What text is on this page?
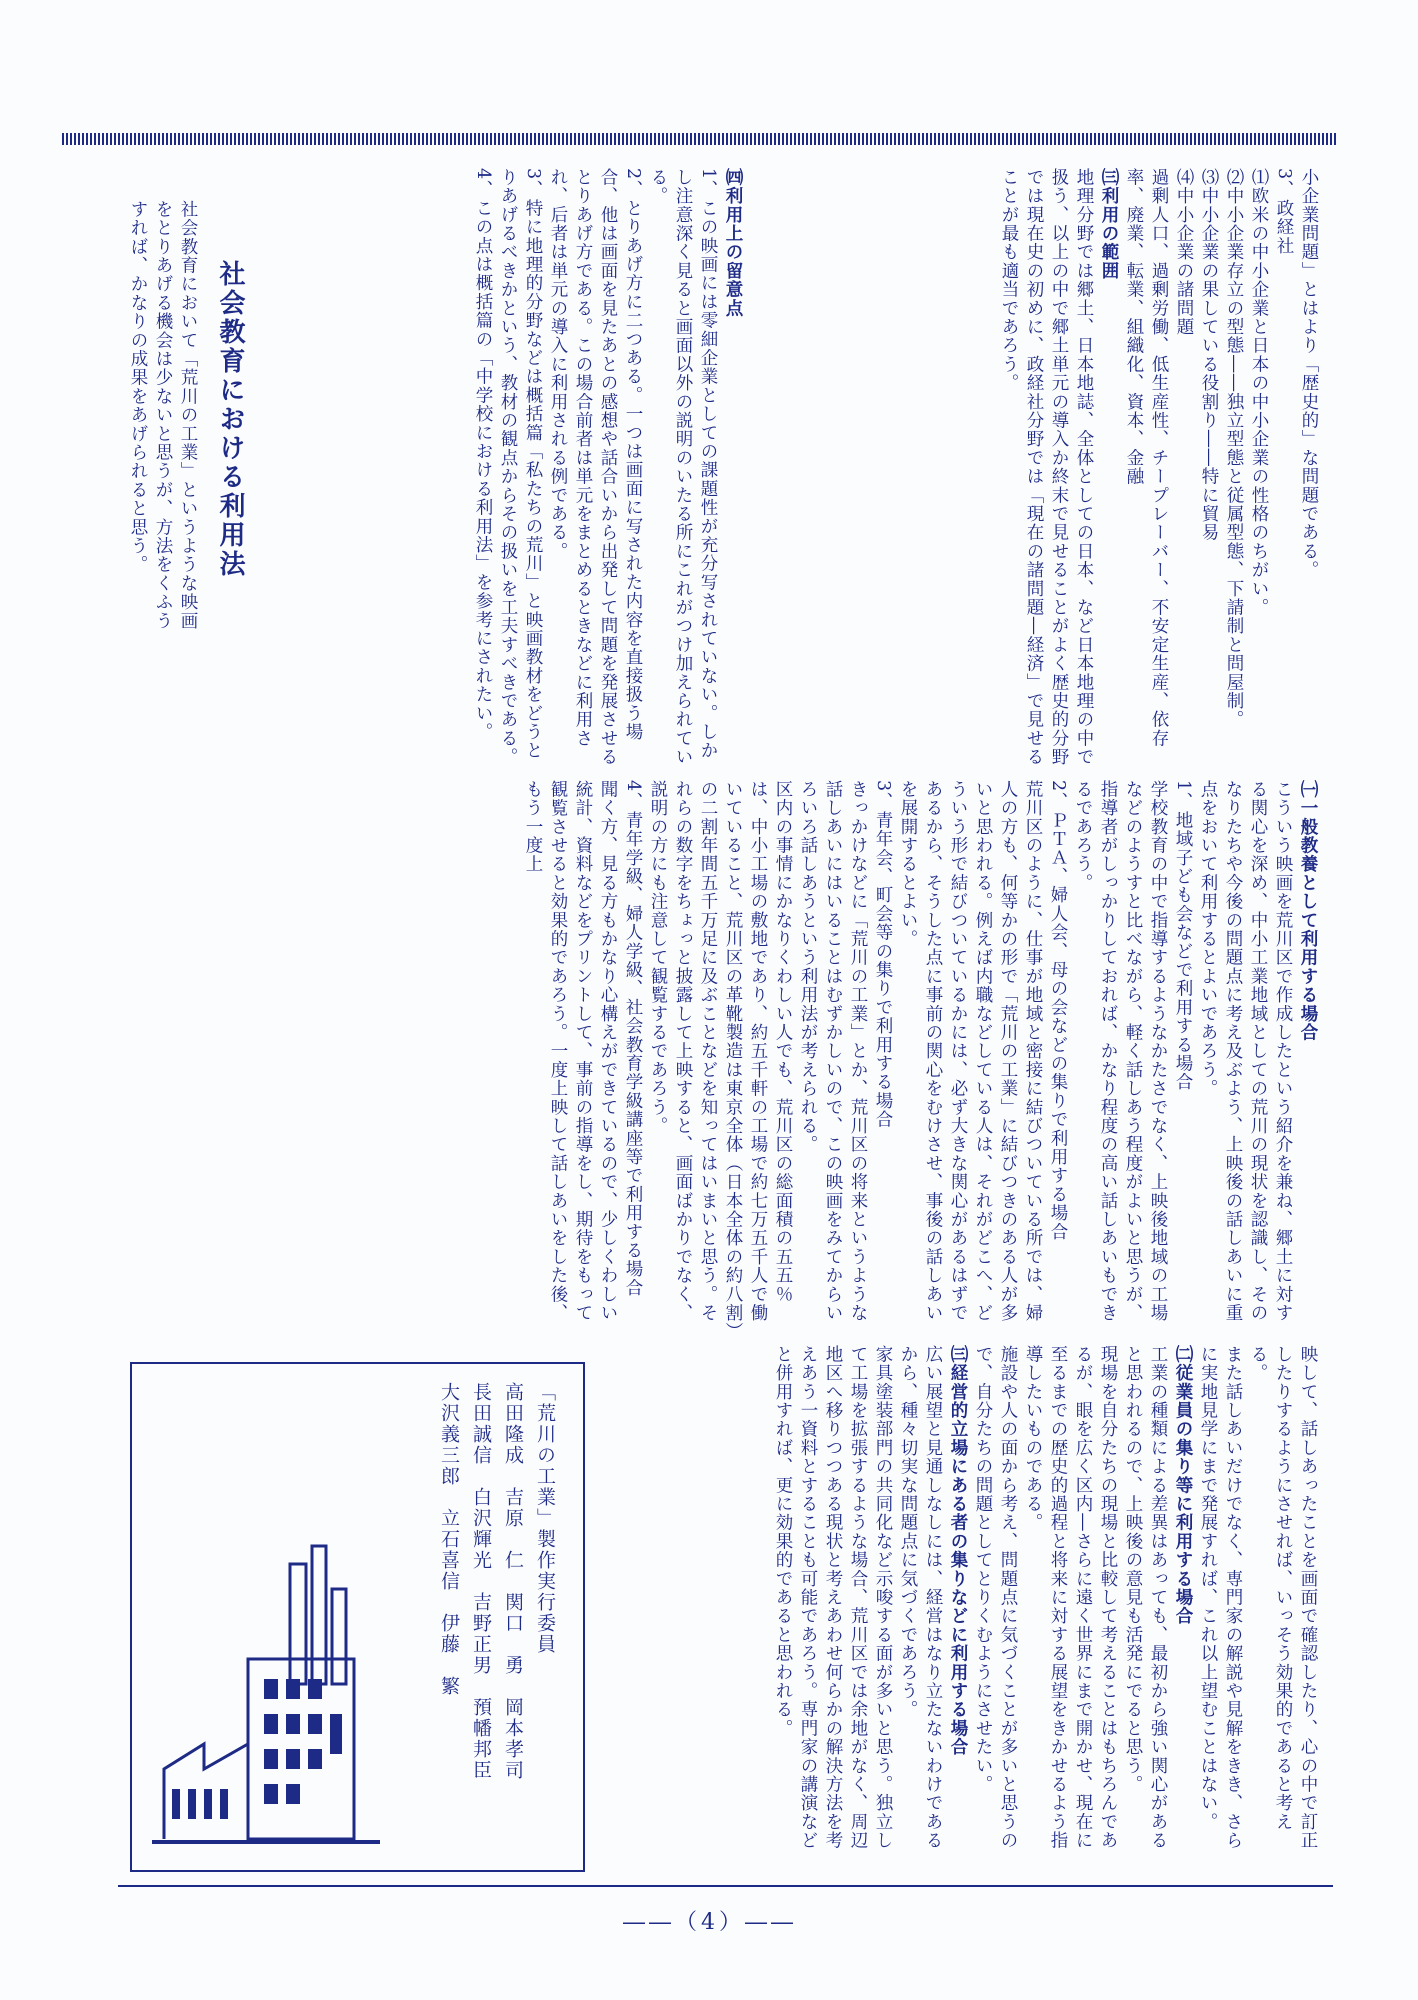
小企業問題」とはより「歴史的」な問題である。

3、政経社

⑴欧米の中小企業と日本の中小企業の性格のちがい。

⑵中小企業存立の型態――独立型態と従属型態、下請制と問屋制。

⑶中小企業の果している役割り――特に貿易

⑷中小企業の諸問題

過剰人口、過剰労働、低生産性、チープレーバー、不安定生産、依存率、廃業、転業、組織化、資本、金融

㈢利用の範囲

地理分野では郷土、日本地誌、全体としての日本、など日本地理の中で扱う、以上の中で郷土単元の導入か終末で見せることがよく歴史的分野では現在史の初めに、政経社分野では「現在の諸問題―経済」で見せることが最も適当であろう。

㈣利用上の留意点

1、この映画には零細企業としての課題性が充分写されていない。しかし注意深く見ると画面以外の説明のいたる所にこれがつけ加えられている。

2、とりあげ方に二つある。一つは画面に写された内容を直接扱う場合、他は画面を見たあとの感想や話合いから出発して問題を発展させるとりあげ方である。この場合前者は単元をまとめるときなどに利用され、后者は単元の導入に利用される例である。

3、特に地理的分野などは概括篇「私たちの荒川」と映画教材をどうとりあげるべきかという、教材の観点からその扱いを工夫すべきである。

4、この点は概括篇の「中学校における利用法」を参考にされたい。

社会教育における利用法

社会教育において「荒川の工業」というような映画をとりあげる機会は少ないと思うが、方法をくふうすれば、かなりの成果をあげられると思う。

㈠一般教養として利用する場合

こういう映画を荒川区で作成したという紹介を兼ね、郷土に対する関心を深め、中小工業地域としての荒川の現状を認識し、そのなりたちや今後の問題点に考え及ぶよう、上映後の話しあいに重点をおいて利用するとよいであろう。

1、地域子ども会などで利用する場合

学校教育の中で指導するようなかたさでなく、上映後地域の工場などのようすと比べながら、軽く話しあう程度がよいと思うが、指導者がしっかりしておれば、かなり程度の高い話しあいもできるであろう。

2、ＰＴＡ、婦人会、母の会などの集りで利用する場合

荒川区のように、仕事が地域と密接に結びついている所では、婦人の方も、何等かの形で「荒川の工業」に結びつきのある人が多いと思われる。例えば内職などしている人は、それがどこへ、どういう形で結びついているかには、必ず大きな関心があるはずであるから、そうした点に事前の関心をむけさせ、事後の話しあいを展開するとよい。

3、青年会、町会等の集りで利用する場合

きっかけなどに「荒川の工業」とか、荒川区の将来というような話しあいにはいることはむずかしいので、この映画をみてからいろいろ話しあうという利用法が考えられる。

区内の事情にかなりくわしい人でも、荒川区の総面積の五五％は、中小工場の敷地であり、約五千軒の工場で約七万五千人で働いていること、荒川区の革靴製造は東京全体（日本全体の約八割）の二割年間五千万足に及ぶことなどを知ってはいまいと思う。それらの数字をちょっと披露して上映すると、画面ばかりでなく、説明の方にも注意して観覧するであろう。

4、青年学級、婦人学級、社会教育学級講座等で利用する場合

聞く方、見る方もかなり心構えができているので、少しくわしい統計、資料などをプリントして、事前の指導をし、期待をもって観覧させると効果的であろう。一度上映して話しあいをした後、もう一度上

映して、話しあったことを画面で確認したり、心の中で訂正したりするようにさせれば、いっそう効果的であると考える。

また話しあいだけでなく、専門家の解説や見解をきき、さらに実地見学にまで発展すれば、これ以上望むことはない。

㈡従業員の集り等に利用する場合

工業の種類による差異はあっても、最初から強い関心があると思われるので、上映後の意見も活発にでると思う。

現場を自分たちの現場と比較して考えることはもちろんであるが、眼を広く区内―さらに遠く世界にまで開かせ、現在に至るまでの歴史的過程と将来に対する展望をきかせるよう指導したいものである。

施設や人の面から考え、問題点に気づくことが多いと思うので、自分たちの問題としてとりくむようにさせたい。

㈢経営的立場にある者の集りなどに利用する場合

広い展望と見通しなしには、経営はなり立たないわけであるから、種々切実な問題点に気づくであろう。

家具塗装部門の共同化など示唆する面が多いと思う。独立して工場を拡張するような場合、荒川区では余地がなく、周辺地区へ移りつつある現状と考えあわせ何らかの解決方法を考えあう一資料とすることも可能であろう。専門家の講演などと併用すれば、更に効果的であると思われる。

「荒川の工業」製作実行委員

高田隆成　吉原　仁　関口　勇　岡本孝司

長田誠信　白沢輝光　吉野正男　預幡邦臣

大沢義三郎　立石喜信　伊藤　繁

――（4）――
